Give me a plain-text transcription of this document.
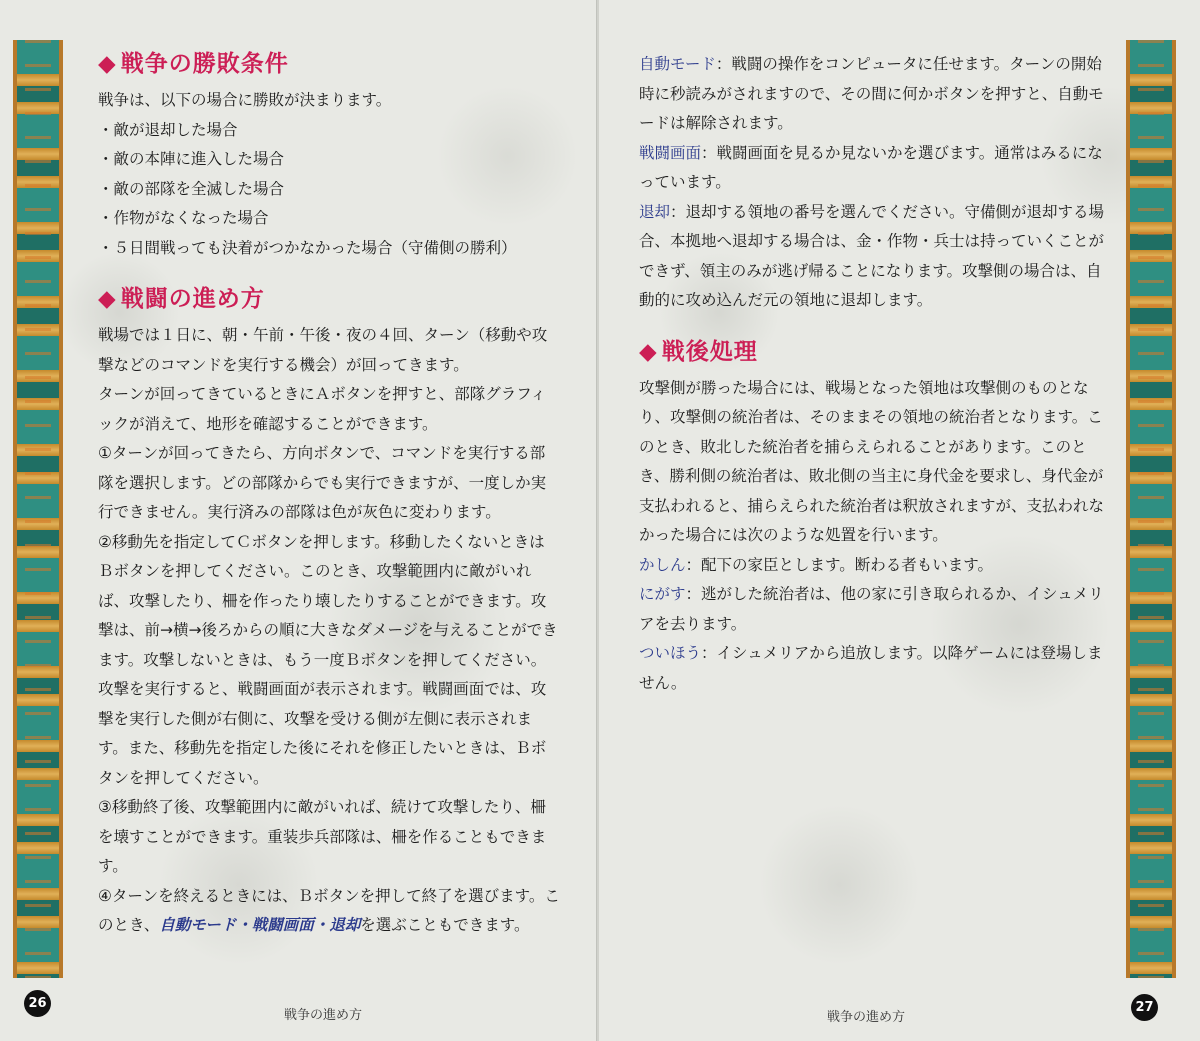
◆ 戦争の勝敗条件

戦争は、以下の場合に勝敗が決まります。

・敵が退却した場合

・敵の本陣に進入した場合

・敵の部隊を全滅した場合

・作物がなくなった場合

・５日間戦っても決着がつかなかった場合（守備側の勝利）

◆ 戦闘の進め方

戦場では１日に、朝・午前・午後・夜の４回、ターン（移動や攻撃などのコマンドを実行する機会）が回ってきます。

ターンが回ってきているときにＡボタンを押すと、部隊グラフィックが消えて、地形を確認することができます。

①ターンが回ってきたら、方向ボタンで、コマンドを実行する部隊を選択します。どの部隊からでも実行できますが、一度しか実行できません。実行済みの部隊は色が灰色に変わります。

②移動先を指定してＣボタンを押します。移動したくないときはＢボタンを押してください。このとき、攻撃範囲内に敵がいれば、攻撃したり、柵を作ったり壊したりすることができます。攻撃は、前→横→後ろからの順に大きなダメージを与えることができます。攻撃しないときは、もう一度Ｂボタンを押してください。攻撃を実行すると、戦闘画面が表示されます。戦闘画面では、攻撃を実行した側が右側に、攻撃を受ける側が左側に表示されます。また、移動先を指定した後にそれを修正したいときは、Ｂボタンを押してください。

③移動終了後、攻撃範囲内に敵がいれば、続けて攻撃したり、柵を壊すことができます。重装歩兵部隊は、柵を作ることもできます。

④ターンを終えるときには、Ｂボタンを押して終了を選びます。このとき、自動モード・戦闘画面・退却を選ぶこともできます。

26
戦争の進め方

自動モード：戦闘の操作をコンピュータに任せます。ターンの開始時に秒読みがされますので、その間に何かボタンを押すと、自動モードは解除されます。

戦闘画面：戦闘画面を見るか見ないかを選びます。通常はみるになっています。

退却：退却する領地の番号を選んでください。守備側が退却する場合、本拠地へ退却する場合は、金・作物・兵士は持っていくことができず、領主のみが逃げ帰ることになります。攻撃側の場合は、自動的に攻め込んだ元の領地に退却します。

◆ 戦後処理

攻撃側が勝った場合には、戦場となった領地は攻撃側のものとなり、攻撃側の統治者は、そのままその領地の統治者となります。このとき、敗北した統治者を捕らえられることがあります。このとき、勝利側の統治者は、敗北側の当主に身代金を要求し、身代金が支払われると、捕らえられた統治者は釈放されますが、支払われなかった場合には次のような処置を行います。

かしん：配下の家臣とします。断わる者もいます。

にがす：逃がした統治者は、他の家に引き取られるか、イシュメリアを去ります。

ついほう：イシュメリアから追放します。以降ゲームには登場しません。

27
戦争の進め方
